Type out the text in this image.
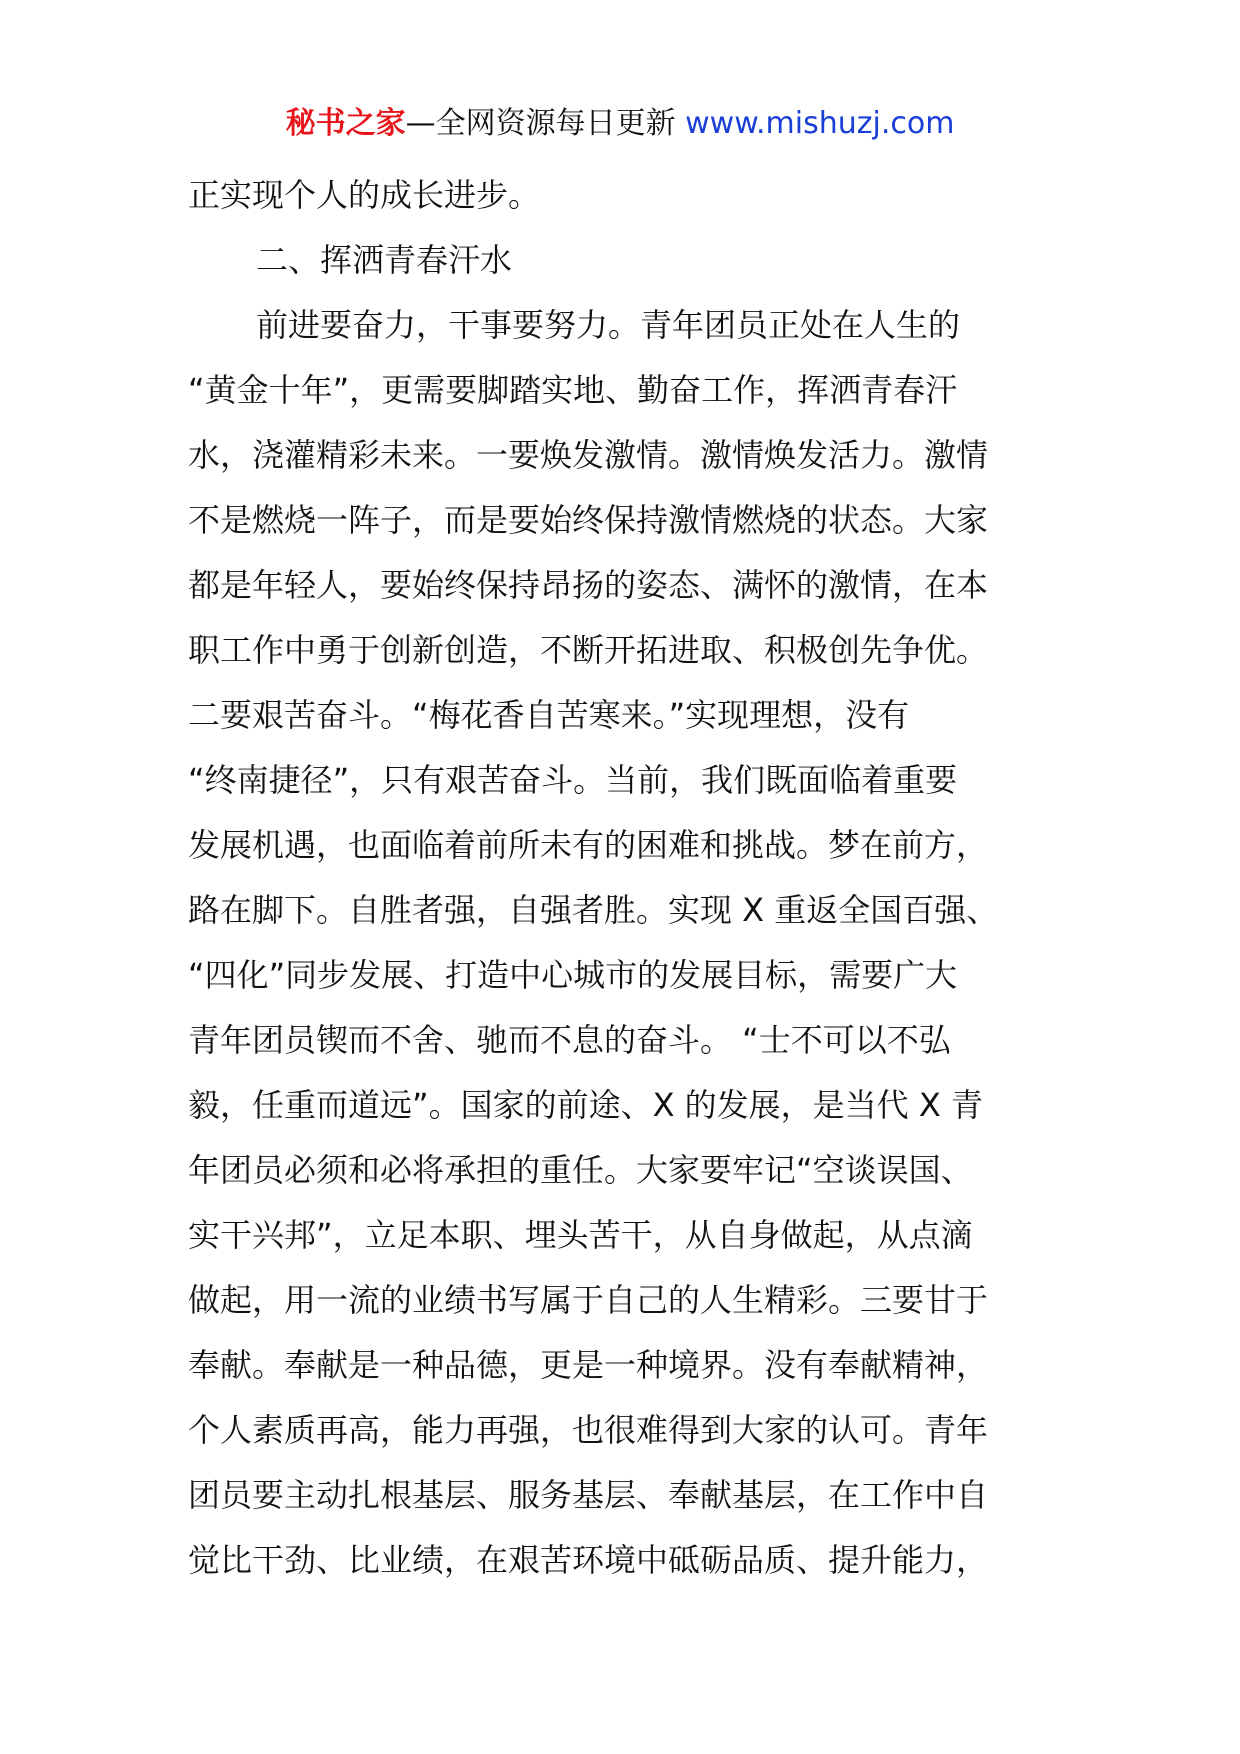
秘书之家—全网资源每日更新 www.mishuzj.com
正实现个人的成长进步。
二、挥洒青春汗水
前进要奋力，干事要努力。青年团员正处在人生的
“黄金十年”，更需要脚踏实地、勤奋工作，挥洒青春汗
水，浇灌精彩未来。一要焕发激情。激情焕发活力。激情
不是燃烧一阵子，而是要始终保持激情燃烧的状态。大家
都是年轻人，要始终保持昂扬的姿态、满怀的激情，在本
职工作中勇于创新创造，不断开拓进取、积极创先争优。
二要艰苦奋斗。“梅花香自苦寒来。”实现理想，没有
“终南捷径”，只有艰苦奋斗。当前，我们既面临着重要
发展机遇，也面临着前所未有的困难和挑战。梦在前方，
路在脚下。自胜者强，自强者胜。实现 X 重返全国百强、
“四化”同步发展、打造中心城市的发展目标，需要广大
青年团员锲而不舍、驰而不息的奋斗。 “士不可以不弘
毅，任重而道远”。国家的前途、X 的发展，是当代 X 青
年团员必须和必将承担的重任。大家要牢记“空谈误国、
实干兴邦”，立足本职、埋头苦干，从自身做起，从点滴
做起，用一流的业绩书写属于自己的人生精彩。三要甘于
奉献。奉献是一种品德，更是一种境界。没有奉献精神，
个人素质再高，能力再强，也很难得到大家的认可。青年
团员要主动扎根基层、服务基层、奉献基层，在工作中自
觉比干劲、比业绩，在艰苦环境中砥砺品质、提升能力，
